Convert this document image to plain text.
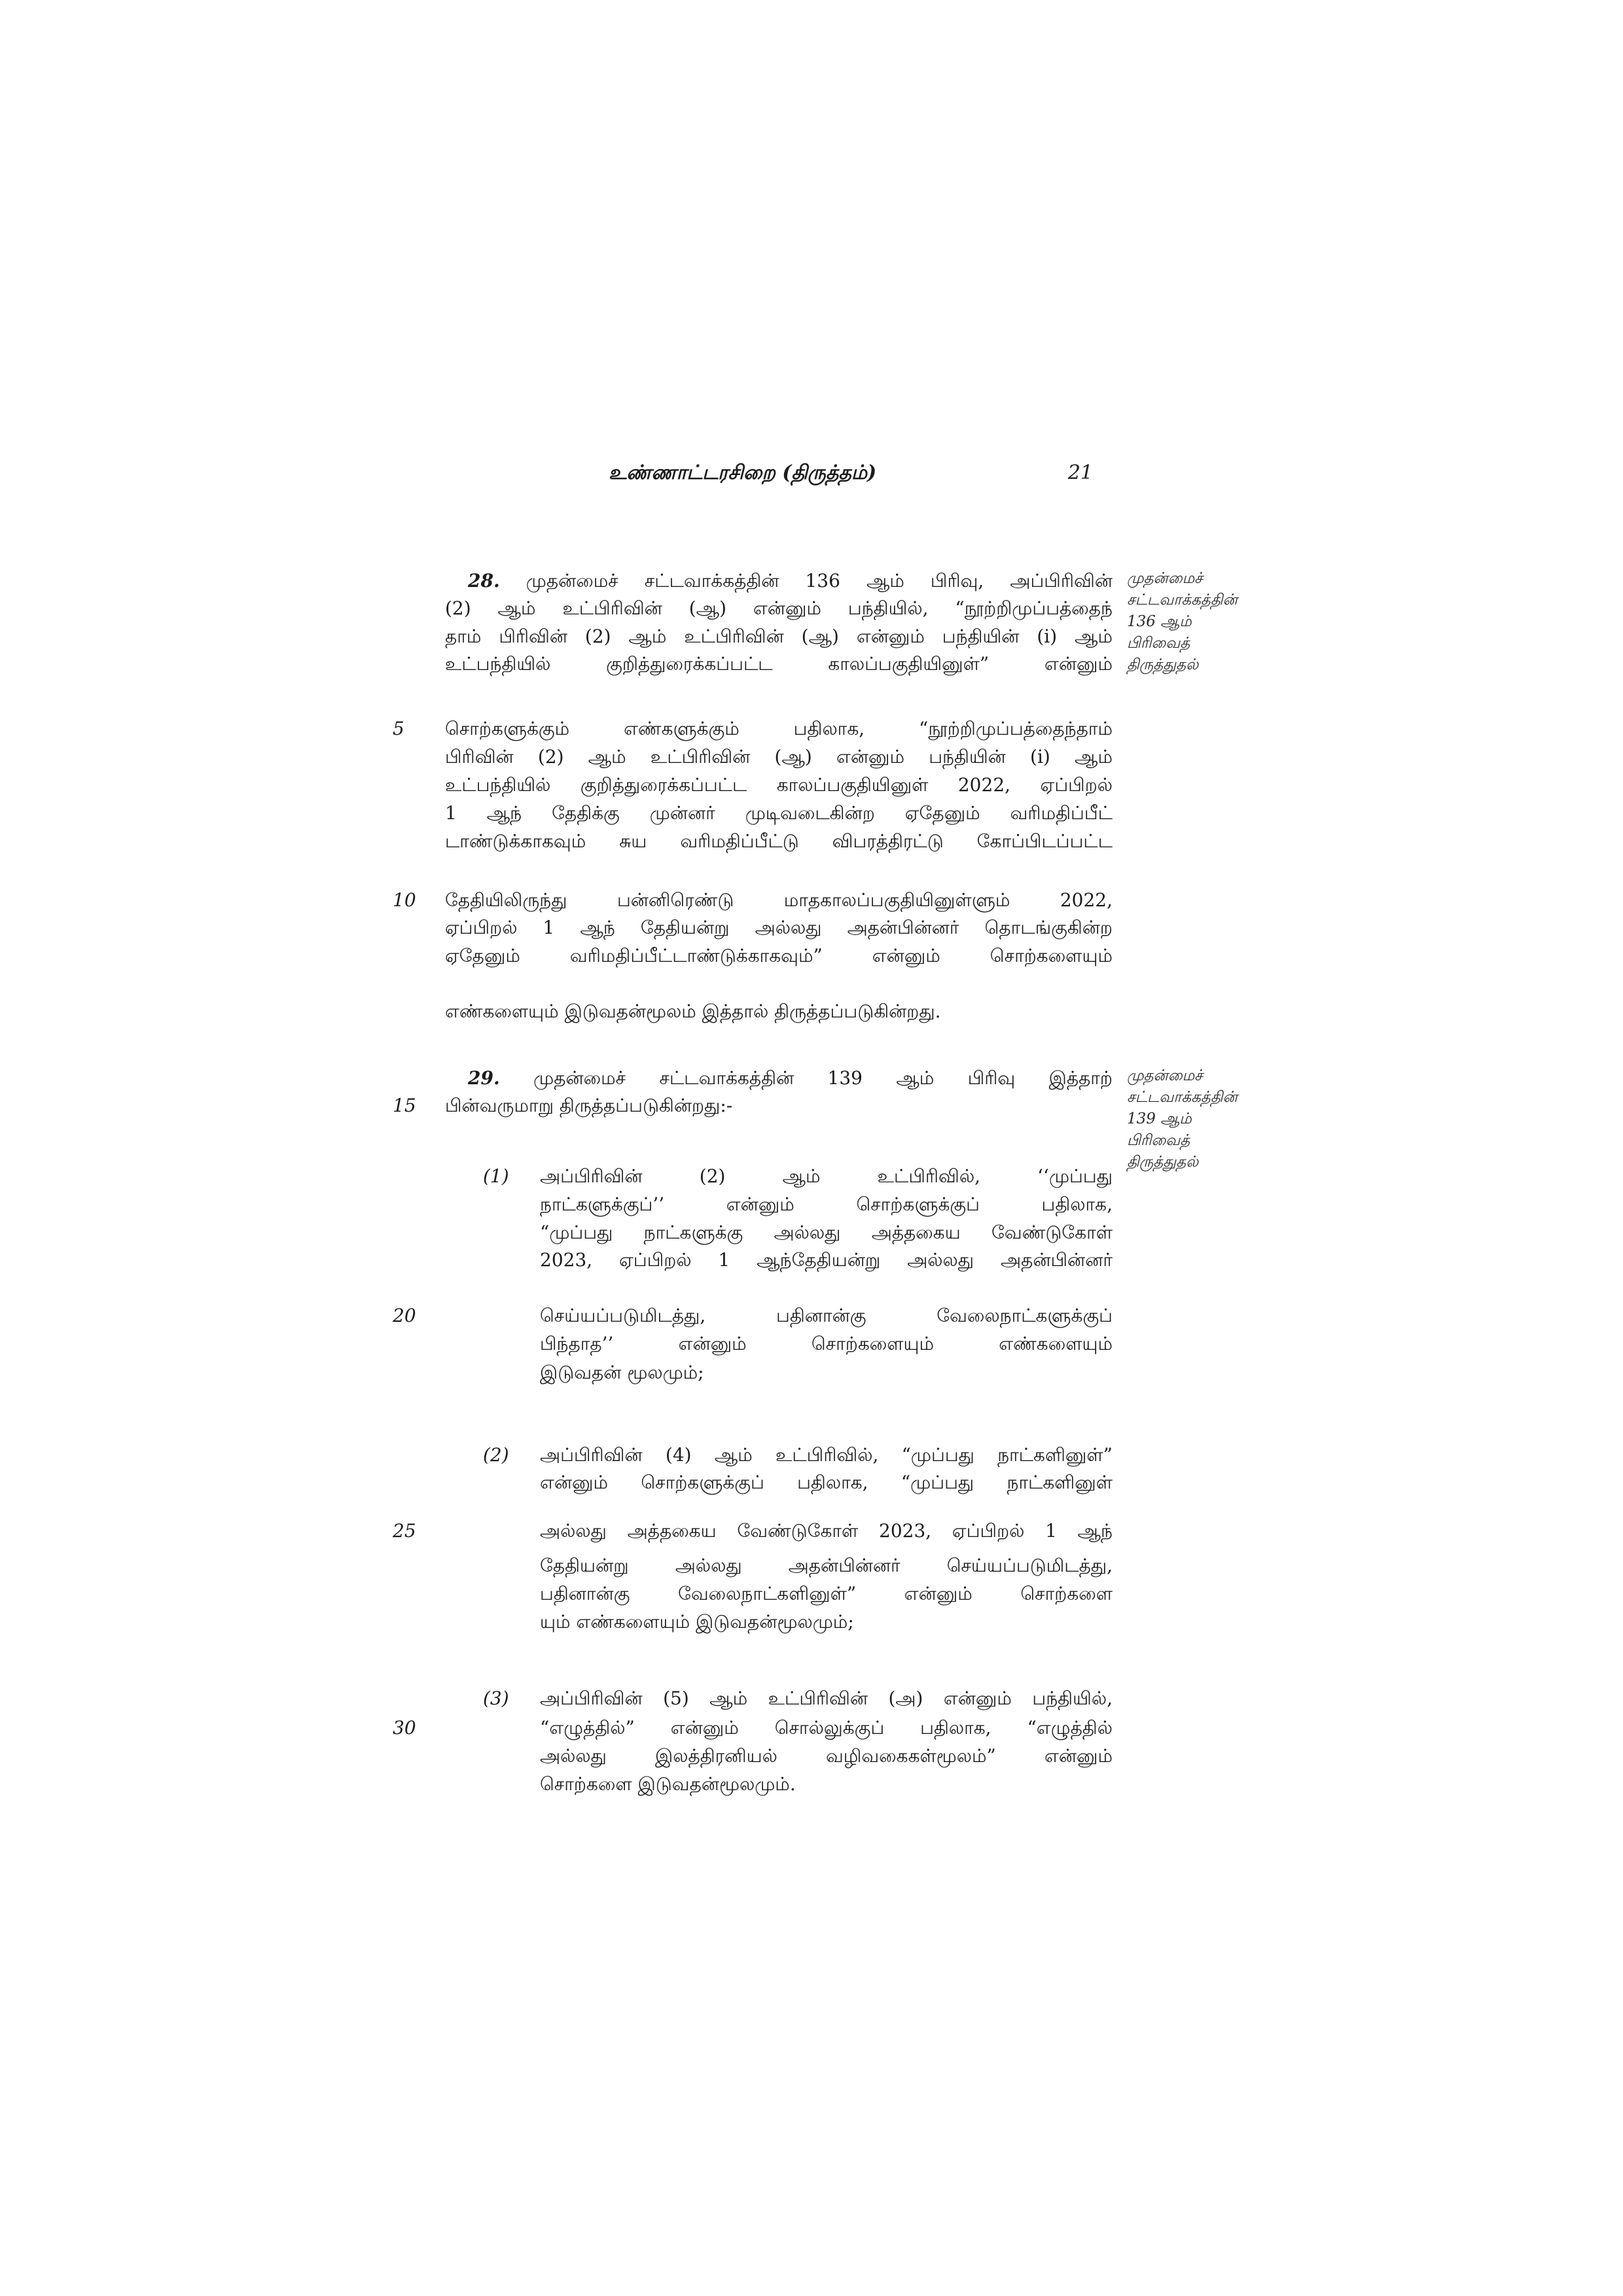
உண்ணாட்டரசிறை (திருத்தம்)	21
5
10
15
20
25
30
28. முதன்மைச் சட்டவாக்கத்தின் 136 ஆம் பிரிவு, அப்பிரிவின்
(2) ஆம் உட்பிரிவின் (ஆ) என்னும் பந்தியில், “நூற்றிமுப்பத்தைந்
தாம் பிரிவின் (2) ஆம் உட்பிரிவின் (ஆ) என்னும் பந்தியின் (i) ஆம்
உட்பந்தியில் குறித்துரைக்கப்பட்ட காலப்பகுதியினுள்” என்னும்
சொற்களுக்கும் எண்களுக்கும் பதிலாக, “நூற்றிமுப்பத்தைந்தாம்
பிரிவின் (2) ஆம் உட்பிரிவின் (ஆ) என்னும் பந்தியின் (i) ஆம்
உட்பந்தியில் குறித்துரைக்கப்பட்ட காலப்பகுதியினுள் 2022, ஏப்பிறல்
1 ஆந் தேதிக்கு முன்னர் முடிவடைகின்ற ஏதேனும் வரிமதிப்பீட்
டாண்டுக்காகவும் சுய வரிமதிப்பீட்டு விபரத்திரட்டு கோப்பிடப்பட்ட
தேதியிலிருந்து பன்னிரெண்டு மாதகாலப்பகுதியினுள்ளும் 2022,
ஏப்பிறல் 1 ஆந் தேதியன்று அல்லது அதன்பின்னர் தொடங்குகின்ற
ஏதேனும் வரிமதிப்பீட்டாண்டுக்காகவும்” என்னும் சொற்களையும்
எண்களையும் இடுவதன்மூலம் இத்தால் திருத்தப்படுகின்றது.
முதன்மைச்
சட்டவாக்கத்தின்
136 ஆம்
பிரிவைத்
திருத்துதல்
29. முதன்மைச் சட்டவாக்கத்தின் 139 ஆம் பிரிவு இத்தாற்
பின்வருமாறு திருத்தப்படுகின்றது:-
முதன்மைச்
சட்டவாக்கத்தின்
139 ஆம்
பிரிவைத்
திருத்துதல்
(1) அப்பிரிவின் (2) ஆம் உட்பிரிவில், ‘‘முப்பது
நாட்களுக்குப்’’ என்னும் சொற்களுக்குப் பதிலாக,
“முப்பது நாட்களுக்கு அல்லது அத்தகைய வேண்டுகோள்
2023, ஏப்பிறல் 1 ஆந்தேதியன்று அல்லது அதன்பின்னர்
செய்யப்படுமிடத்து, பதினான்கு வேலைநாட்களுக்குப்
பிந்தாத’’ என்னும் சொற்களையும் எண்களையும்
இடுவதன் மூலமும்;
(2) அப்பிரிவின் (4) ஆம் உட்பிரிவில், “முப்பது நாட்களினுள்”
என்னும் சொற்களுக்குப் பதிலாக, “முப்பது நாட்களினுள்
அல்லது அத்தகைய வேண்டுகோள் 2023, ஏப்பிறல் 1 ஆந்
தேதியன்று அல்லது அதன்பின்னர் செய்யப்படுமிடத்து,
பதினான்கு வேலைநாட்களினுள்” என்னும் சொற்களை
யும் எண்களையும் இடுவதன்மூலமும்;
(3) அப்பிரிவின் (5) ஆம் உட்பிரிவின் (அ) என்னும் பந்தியில்,
“எழுத்தில்” என்னும் சொல்லுக்குப் பதிலாக, “எழுத்தில்
அல்லது இலத்திரனியல் வழிவகைகள்மூலம்” என்னும்
சொற்களை இடுவதன்மூலமும்.
